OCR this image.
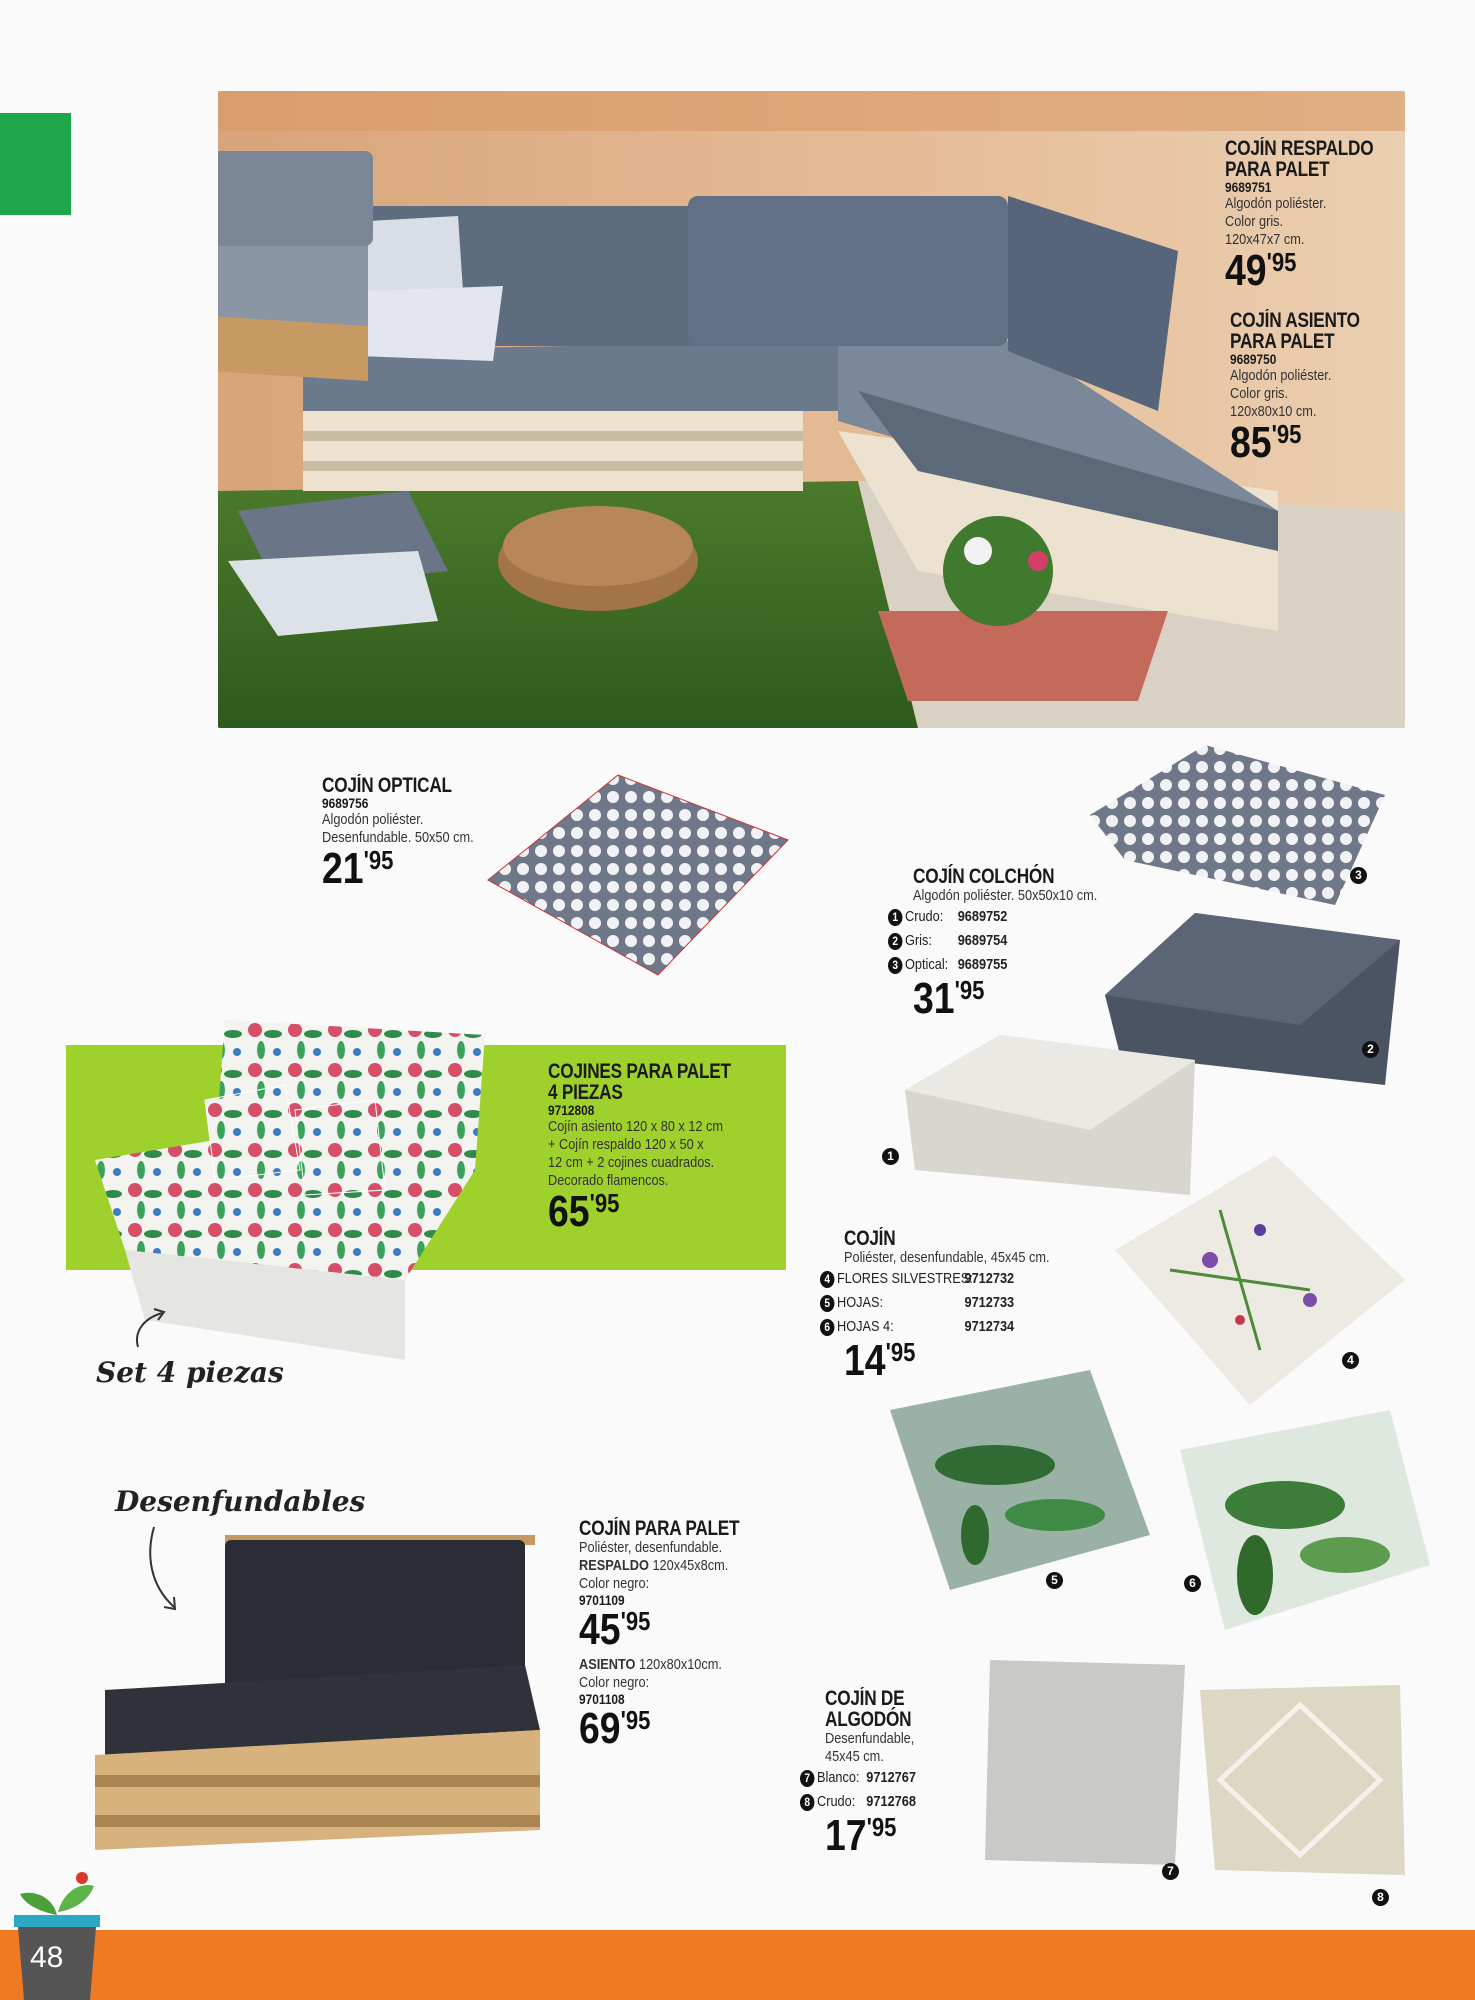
COJÍN RESPALDO
PARA PALET
9689751
Algodón poliéster.
Color gris.
120x47x7 cm.
49'95
COJÍN ASIENTO
PARA PALET
9689750
Algodón poliéster.
Color gris.
120x80x10 cm.
85'95
COJÍN OPTICAL
9689756
Algodón poliéster.
Desenfundable. 50x50 cm.
21'95
COJÍN COLCHÓN
Algodón poliéster. 50x50x10 cm.
1 Crudo: 9689752
2 Gris: 9689754
3 Optical: 9689755
31'95
3
2
1
COJINES PARA PALET
4 PIEZAS
9712808
Cojín asiento 120 x 80 x 12 cm
+ Cojín respaldo 120 x 50 x
12 cm + 2 cojines cuadrados.
Decorado flamencos.
65'95
Set 4 piezas
COJÍN
Poliéster, desenfundable, 45x45 cm.
4 FLORES SILVESTRES:9712732
5 HOJAS:	9712733
6 HOJAS 4:	9712734
14'95	4
5	6
Desenfundables
COJÍN PARA PALET
Poliéster, desenfundable.
RESPALDO 120x45x8cm.
Color negro:
9701109
45'95
ASIENTO 120x80x10cm.
Color negro:
9701108
69'95
COJÍN DE
ALGODÓN
Desenfundable,
45x45 cm.
7 Blanco: 9712767
8 Crudo: 9712768
17'95
7
8
48
